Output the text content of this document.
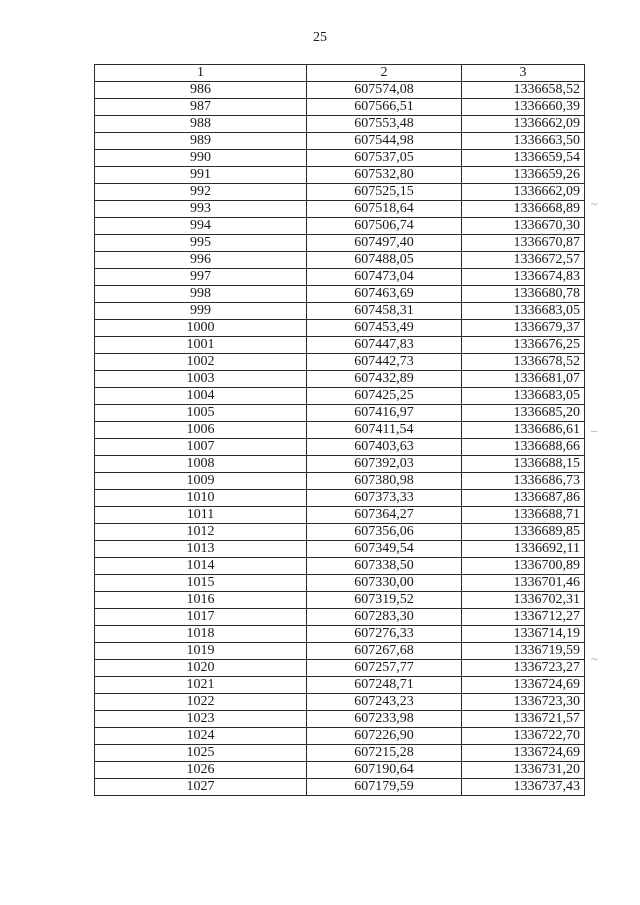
25
1	2	3
986	607574,08	1336658,52
987	607566,51	1336660,39
988	607553,48	1336662,09
989	607544,98	1336663,50
990	607537,05	1336659,54
991	607532,80	1336659,26
992	607525,15	1336662,09
993	607518,64	1336668,89
994	607506,74	1336670,30
995	607497,40	1336670,87
996	607488,05	1336672,57
997	607473,04	1336674,83
998	607463,69	1336680,78
999	607458,31	1336683,05
1000	607453,49	1336679,37
1001	607447,83	1336676,25
1002	607442,73	1336678,52
1003	607432,89	1336681,07
1004	607425,25	1336683,05
1005	607416,97	1336685,20
1006	607411,54	1336686,61
1007	607403,63	1336688,66
1008	607392,03	1336688,15
1009	607380,98	1336686,73
1010	607373,33	1336687,86
1011	607364,27	1336688,71
1012	607356,06	1336689,85
1013	607349,54	1336692,11
1014	607338,50	1336700,89
1015	607330,00	1336701,46
1016	607319,52	1336702,31
1017	607283,30	1336712,27
1018	607276,33	1336714,19
1019	607267,68	1336719,59
1020	607257,77	1336723,27
1021	607248,71	1336724,69
1022	607243,23	1336723,30
1023	607233,98	1336721,57
1024	607226,90	1336722,70
1025	607215,28	1336724,69
1026	607190,64	1336731,20
1027	607179,59	1336737,43
~
–
~
